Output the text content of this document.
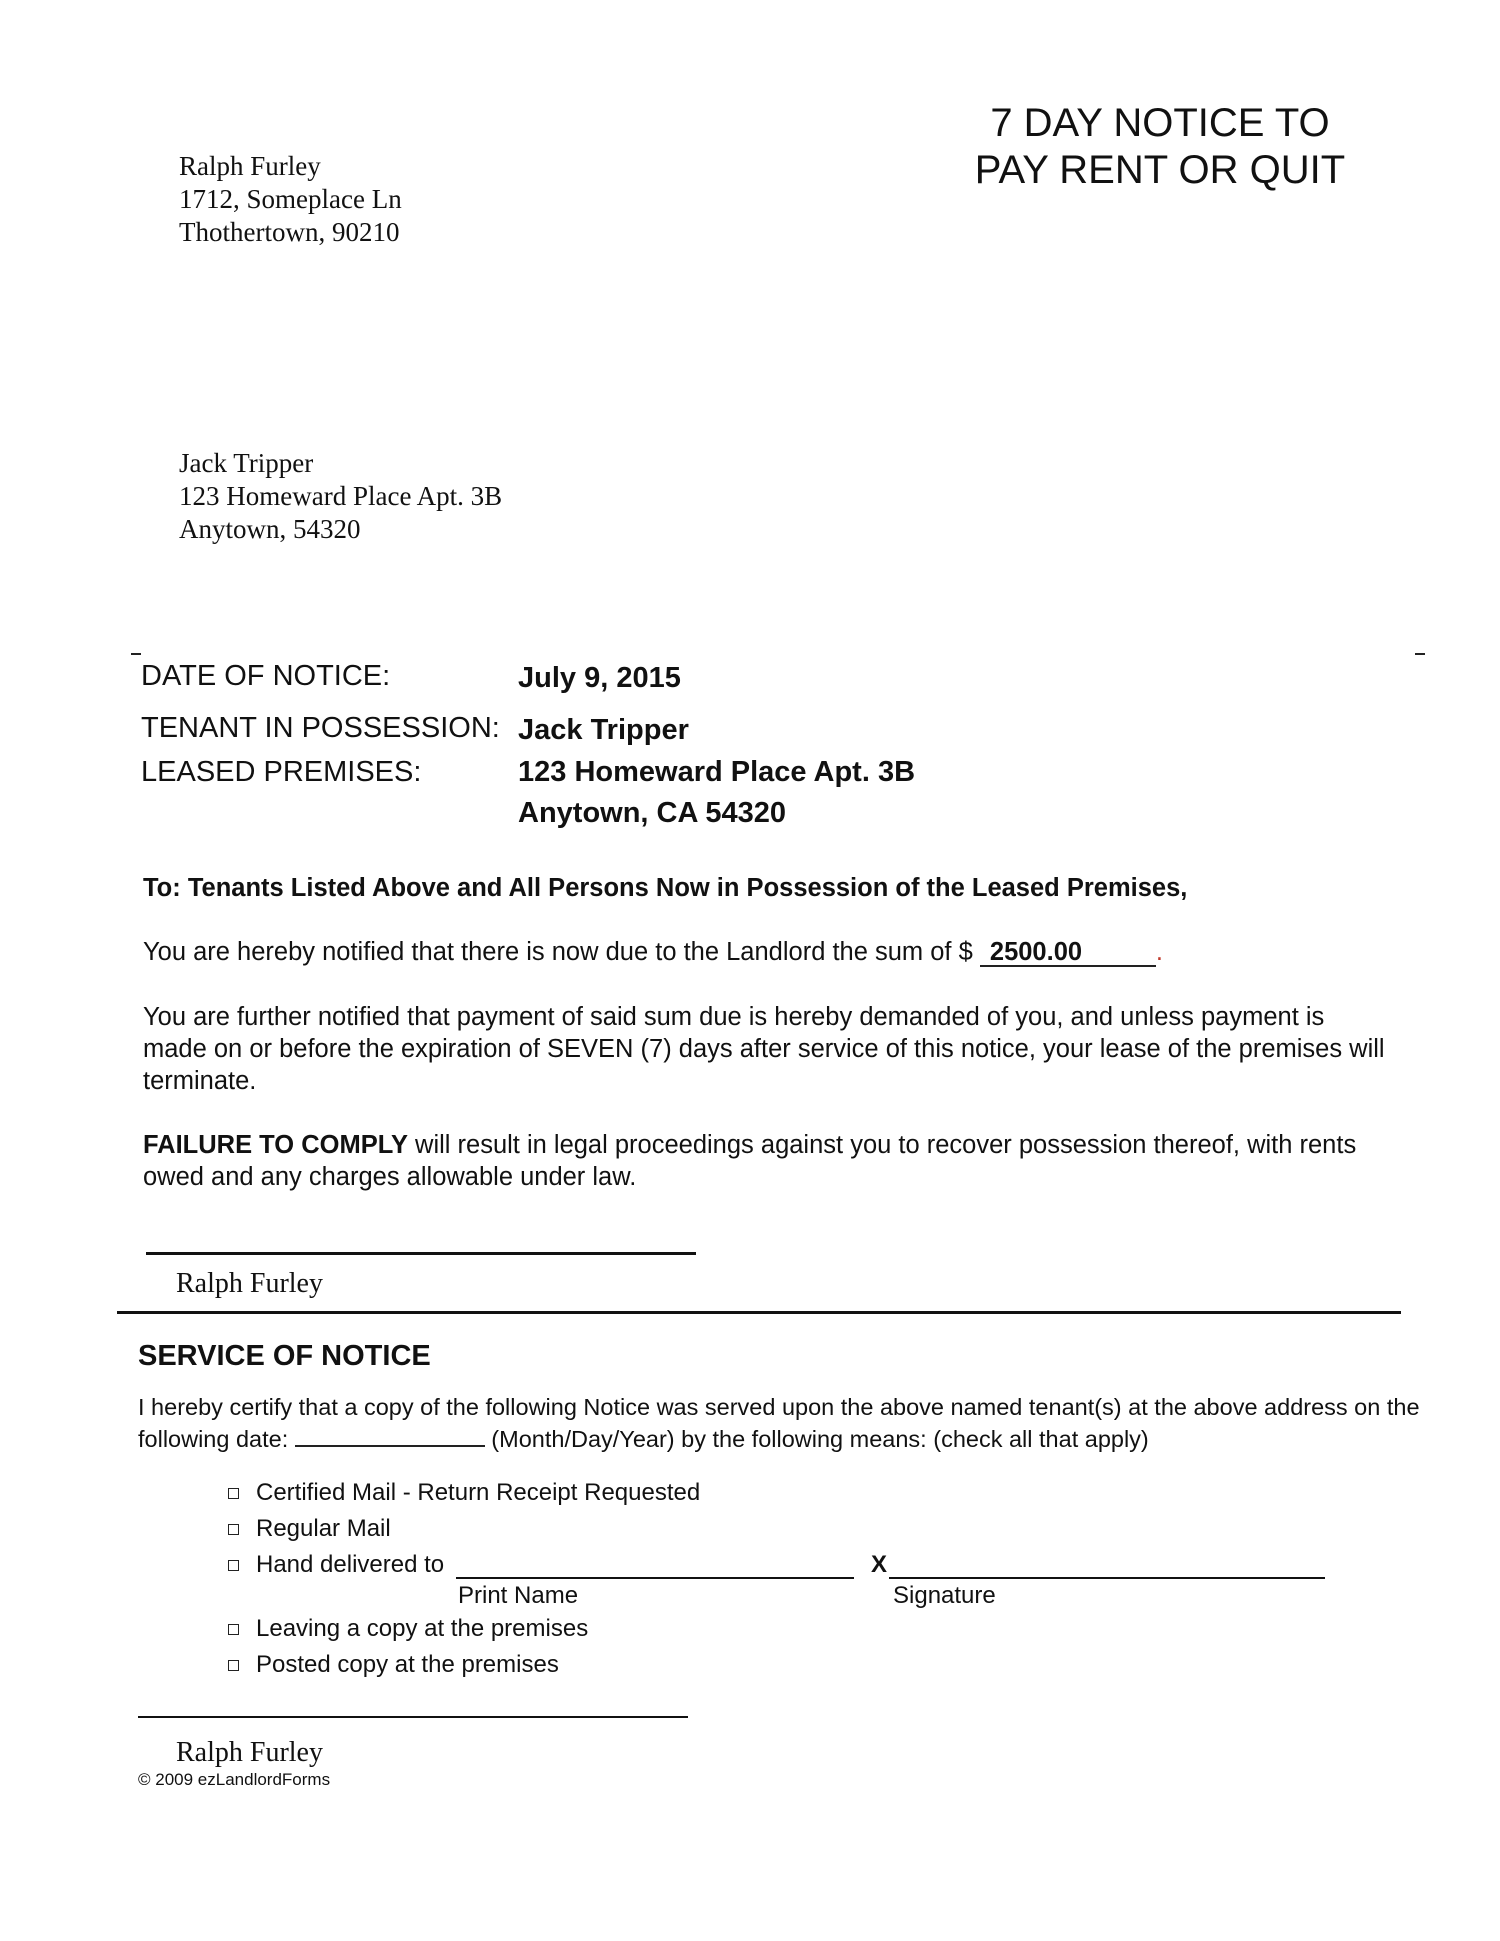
7 DAY NOTICE TO
PAY RENT OR QUIT
Ralph Furley
1712, Someplace Ln
Thothertown, 90210
Jack Tripper
123 Homeward Place Apt. 3B
Anytown, 54320
DATE OF NOTICE:	July 9, 2015
TENANT IN POSSESSION: Jack Tripper
LEASED PREMISES:	123 Homeward Place Apt. 3B
Anytown, CA 54320
To: Tenants Listed Above and All Persons Now in Possession of the Leased Premises,
You are hereby notified that there is now due to the Landlord the sum of $ 2500.00	.
You are further notified that payment of said sum due is hereby demanded of you, and unless payment is made on or before the expiration of SEVEN (7) days after service of this notice, your lease of the premises will terminate.
FAILURE TO COMPLY will result in legal proceedings against you to recover possession thereof, with rents owed and any charges allowable under law.
Ralph Furley
SERVICE OF NOTICE
I hereby certify that a copy of the following Notice was served upon the above named tenant(s) at the above address on the following date:	(Month/Day/Year) by the following means: (check all that apply)
Certified Mail - Return Receipt Requested
Regular Mail
Hand delivered to	X
Print Name	Signature
Leaving a copy at the premises
Posted copy at the premises
Ralph Furley
© 2009 ezLandlordForms
